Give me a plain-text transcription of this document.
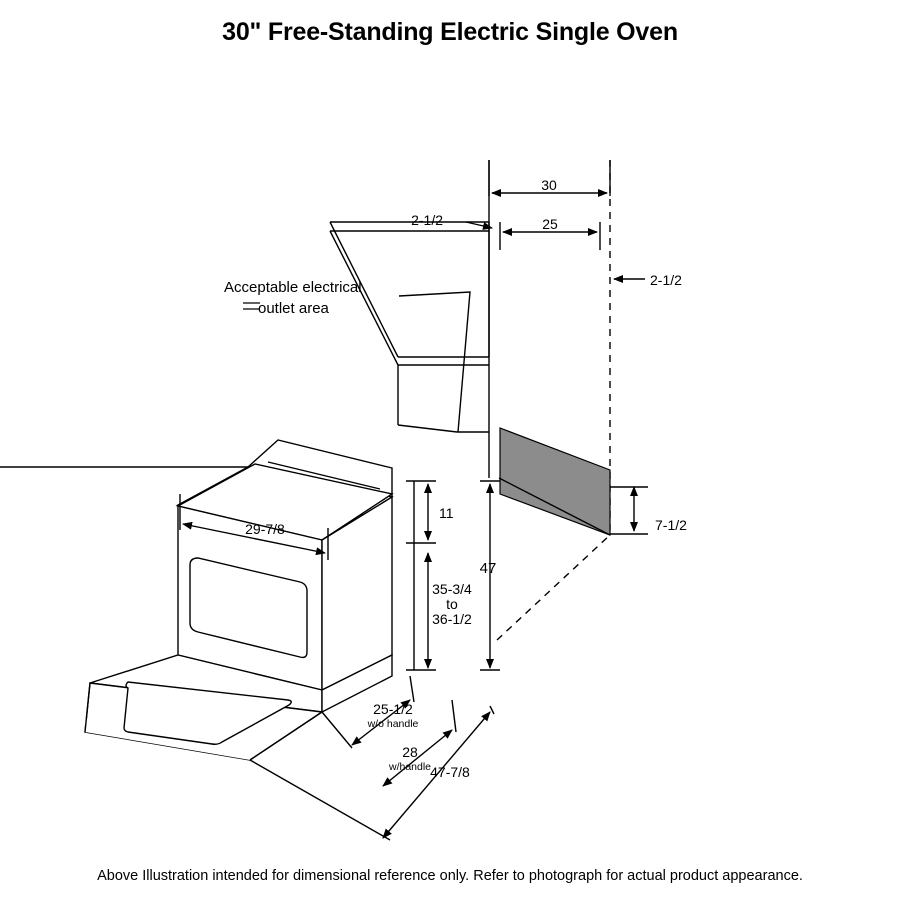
30" Free-Standing Electric Single Oven
30
25
2-1/2
2-1/2
7-1/2
11
47
35-3/4
to
36-1/2
29-7/8
25-1/2
w/o handle
28
w/handle 47-7/8
Acceptable electrical
outlet area
Above Illustration intended for dimensional reference only. Refer to photograph for actual product appearance.
